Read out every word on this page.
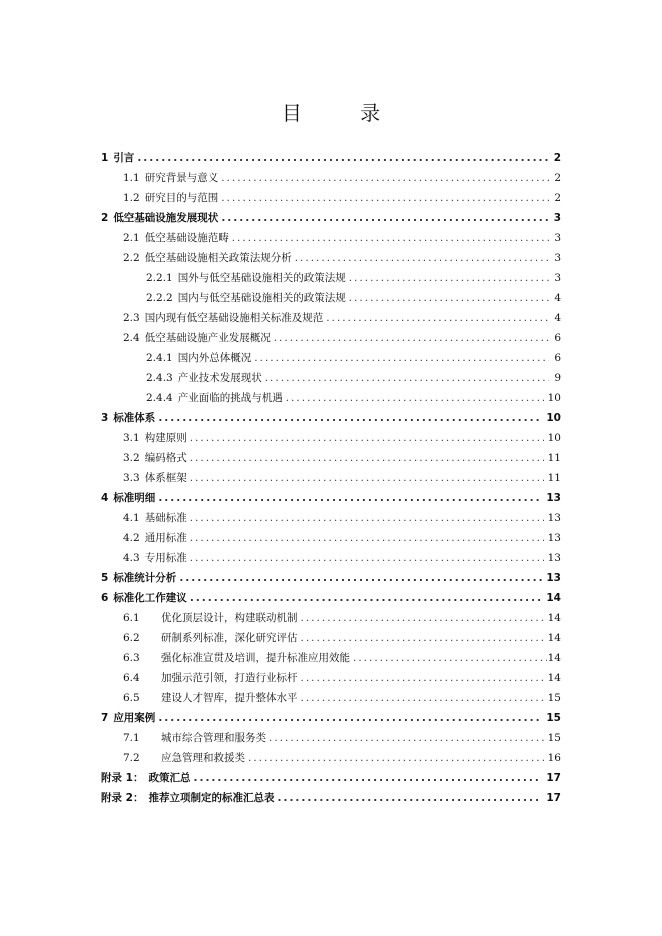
目 录
1 引言 .....	2
1.1 研究背景与意义 .....	2
1.2 研究目的与范围 .....	2
2 低空基础设施发展现状 .....	3
2.1 低空基础设施范畴 .....	3
2.2 低空基础设施相关政策法规分析 .....	3
2.2.1 国外与低空基础设施相关的政策法规 .....	3
2.2.2 国内与低空基础设施相关的政策法规 .....	4
2.3 国内现有低空基础设施相关标准及规范 .....	4
2.4 低空基础设施产业发展概况 .....	6
2.4.1 国内外总体概况 .....	6
2.4.3 产业技术发展现状 .....	9
2.4.4 产业面临的挑战与机遇 .....	10
3 标准体系 .....	10
3.1 构建原则 .....	10
3.2 编码格式 .....	11
3.3 体系框架 .....	11
4 标准明细 .....	13
4.1 基础标准 .....	13
4.2 通用标准 .....	13
4.3 专用标准 .....	13
5 标准统计分析 .....	13
6 标准化工作建议 .....	14
6.1	优化顶层设计，构建联动机制 .....	14
6.2	研制系列标准，深化研究评估 .....	14
6.3	强化标准宣贯及培训，提升标准应用效能 .....	14
6.4	加强示范引领，打造行业标杆 .....	14
6.5	建设人才智库，提升整体水平 .....	15
7 应用案例 .....	15
7.1	城市综合管理和服务类 .....	15
7.2	应急管理和救援类 .....	16
附录 1： 政策汇总 .....	17
附录 2： 推荐立项制定的标准汇总表 .....	17
